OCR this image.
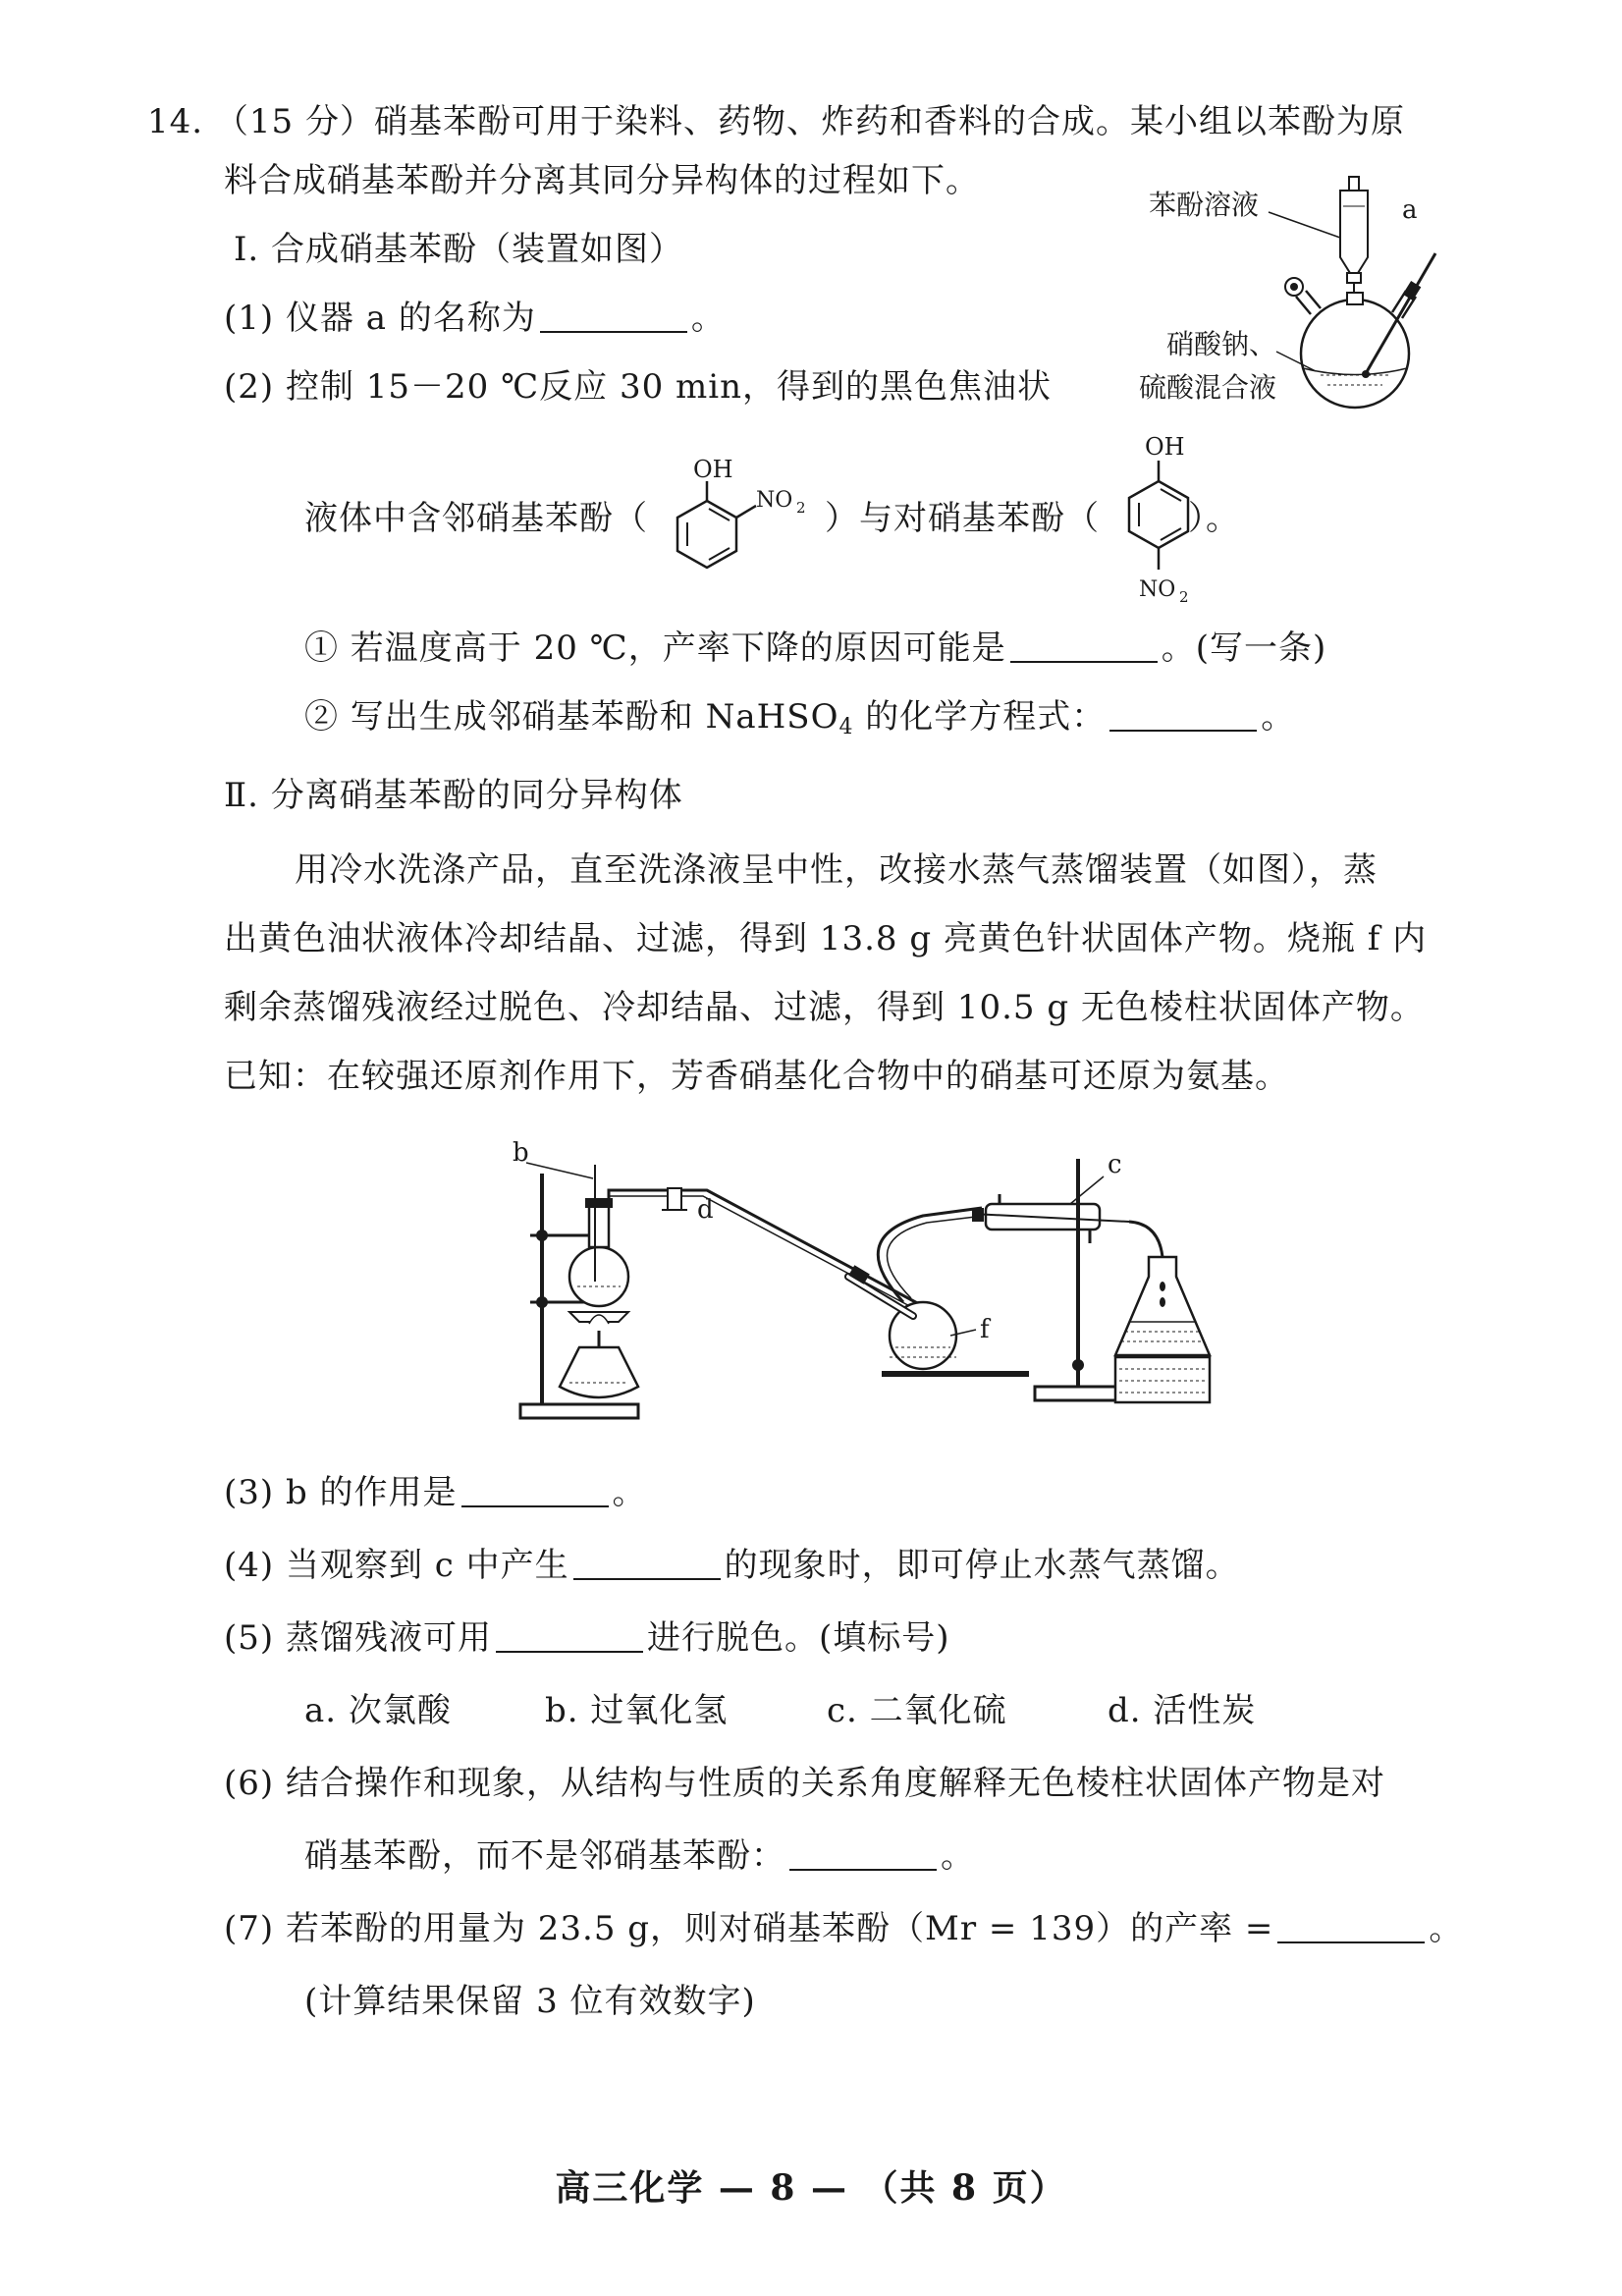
14. （15 分）硝基苯酚可用于染料、药物、炸药和香料的合成。某小组以苯酚为原
料合成硝基苯酚并分离其同分异构体的过程如下。
Ⅰ. 合成硝基苯酚（装置如图）
(1) 仪器 a 的名称为	。
(2) 控制 15－20 ℃反应 30 min，得到的黑色焦油状
液体中含邻硝基苯酚（	）与对硝基苯酚（	）。
OH
NO 2
OH
NO 2
苯酚溶液	a
硝酸钠、
硫酸混合液
① 若温度高于 20 ℃，产率下降的原因可能是	。(写一条)
② 写出生成邻硝基苯酚和 NaHSO$_4$ 的化学方程式：	。
Ⅱ. 分离硝基苯酚的同分异构体
用冷水洗涤产品，直至洗涤液呈中性，改接水蒸气蒸馏装置（如图），蒸
出黄色油状液体冷却结晶、过滤，得到 13.8 g 亮黄色针状固体产物。烧瓶 f 内
剩余蒸馏残液经过脱色、冷却结晶、过滤，得到 10.5 g 无色棱柱状固体产物。
已知：在较强还原剂作用下，芳香硝基化合物中的硝基可还原为氨基。
b
d
f
c
(3) b 的作用是	。
(4) 当观察到 c 中产生	的现象时，即可停止水蒸气蒸馏。
(5) 蒸馏残液可用	进行脱色。(填标号)
a. 次氯酸	b. 过氧化氢	c. 二氧化硫	d. 活性炭
(6) 结合操作和现象，从结构与性质的关系角度解释无色棱柱状固体产物是对
硝基苯酚，而不是邻硝基苯酚：	。
(7) 若苯酚的用量为 23.5 g，则对硝基苯酚（Mr = 139）的产率 =	。
(计算结果保留 3 位有效数字)
高三化学 — 8 — （共 8 页）
